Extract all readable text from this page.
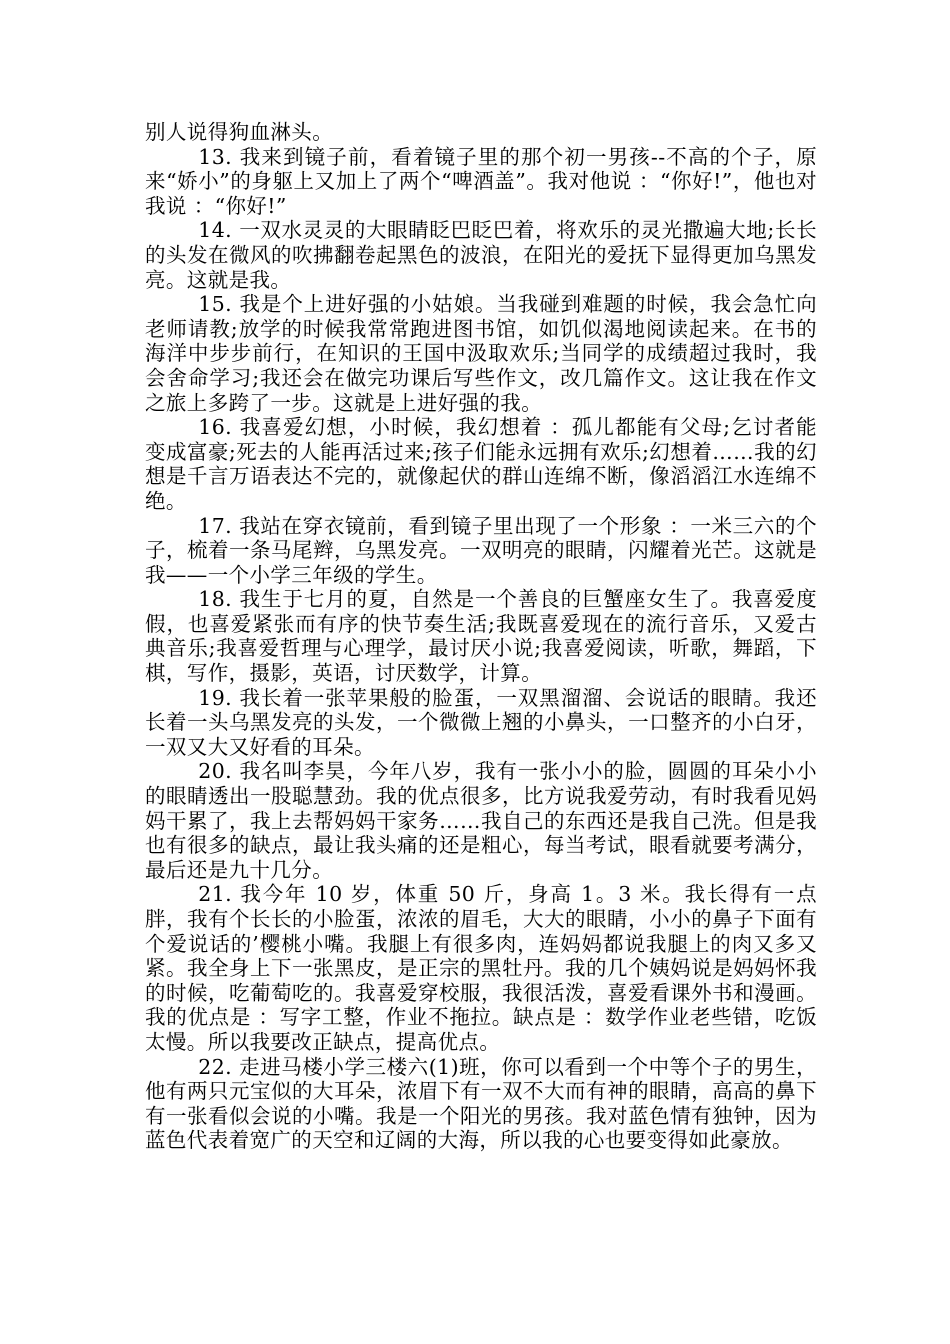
别人说得狗血淋头。

13. 我来到镜子前，看着镜子里的那个初一男孩--不高的个子，原来“娇小”的身躯上又加上了两个“啤酒盖”。我对他说 ：“你好!”，他也对我说 ：“你好!”

14. 一双水灵灵的大眼睛眨巴眨巴着，将欢乐的灵光撒遍大地;长长的头发在微风的吹拂翻卷起黑色的波浪，在阳光的爱抚下显得更加乌黑发亮。这就是我。

15. 我是个上进好强的小姑娘。当我碰到难题的时候，我会急忙向老师请教;放学的时候我常常跑进图书馆，如饥似渴地阅读起来。在书的海洋中步步前行，在知识的王国中汲取欢乐;当同学的成绩超过我时，我会舍命学习;我还会在做完功课后写些作文，改几篇作文。这让我在作文之旅上多跨了一步。这就是上进好强的我。

16. 我喜爱幻想，小时候，我幻想着 ：孤儿都能有父母;乞讨者能变成富豪;死去的人能再活过来;孩子们能永远拥有欢乐;幻想着……我的幻想是千言万语表达不完的，就像起伏的群山连绵不断，像滔滔江水连绵不绝。

17. 我站在穿衣镜前，看到镜子里出现了一个形象 ：一米三六的个子，梳着一条马尾辫，乌黑发亮。一双明亮的眼睛，闪耀着光芒。这就是我——一个小学三年级的学生。

18. 我生于七月的夏，自然是一个善良的巨蟹座女生了。我喜爱度假，也喜爱紧张而有序的快节奏生活;我既喜爱现在的流行音乐，又爱古典音乐;我喜爱哲理与心理学，最讨厌小说;我喜爱阅读，听歌，舞蹈，下棋，写作，摄影，英语，讨厌数学，计算。

19. 我长着一张苹果般的脸蛋，一双黑溜溜、会说话的眼睛。我还长着一头乌黑发亮的头发，一个微微上翘的小鼻头，一口整齐的小白牙，一双又大又好看的耳朵。

20. 我名叫李昊，今年八岁，我有一张小小的脸，圆圆的耳朵小小的眼睛透出一股聪慧劲。我的优点很多，比方说我爱劳动，有时我看见妈妈干累了，我上去帮妈妈干家务……我自己的东西还是我自己洗。但是我也有很多的缺点，最让我头痛的还是粗心，每当考试，眼看就要考满分，最后还是九十几分。

21. 我今年 10 岁，体重 50 斤，身高 1。3 米。我长得有一点胖，我有个长长的小脸蛋，浓浓的眉毛，大大的眼睛，小小的鼻子下面有个爱说话的’樱桃小嘴。我腿上有很多肉，连妈妈都说我腿上的肉又多又紧。我全身上下一张黑皮，是正宗的黑牡丹。我的几个姨妈说是妈妈怀我的时候，吃葡萄吃的。我喜爱穿校服，我很活泼，喜爱看课外书和漫画。我的优点是 ：写字工整，作业不拖拉。缺点是 ：数学作业老些错，吃饭太慢。所以我要改正缺点，提高优点。

22. 走进马楼小学三楼六(1)班，你可以看到一个中等个子的男生，他有两只元宝似的大耳朵，浓眉下有一双不大而有神的眼睛，高高的鼻下有一张看似会说的小嘴。我是一个阳光的男孩。我对蓝色情有独钟，因为蓝色代表着宽广的天空和辽阔的大海，所以我的心也要变得如此豪放。
